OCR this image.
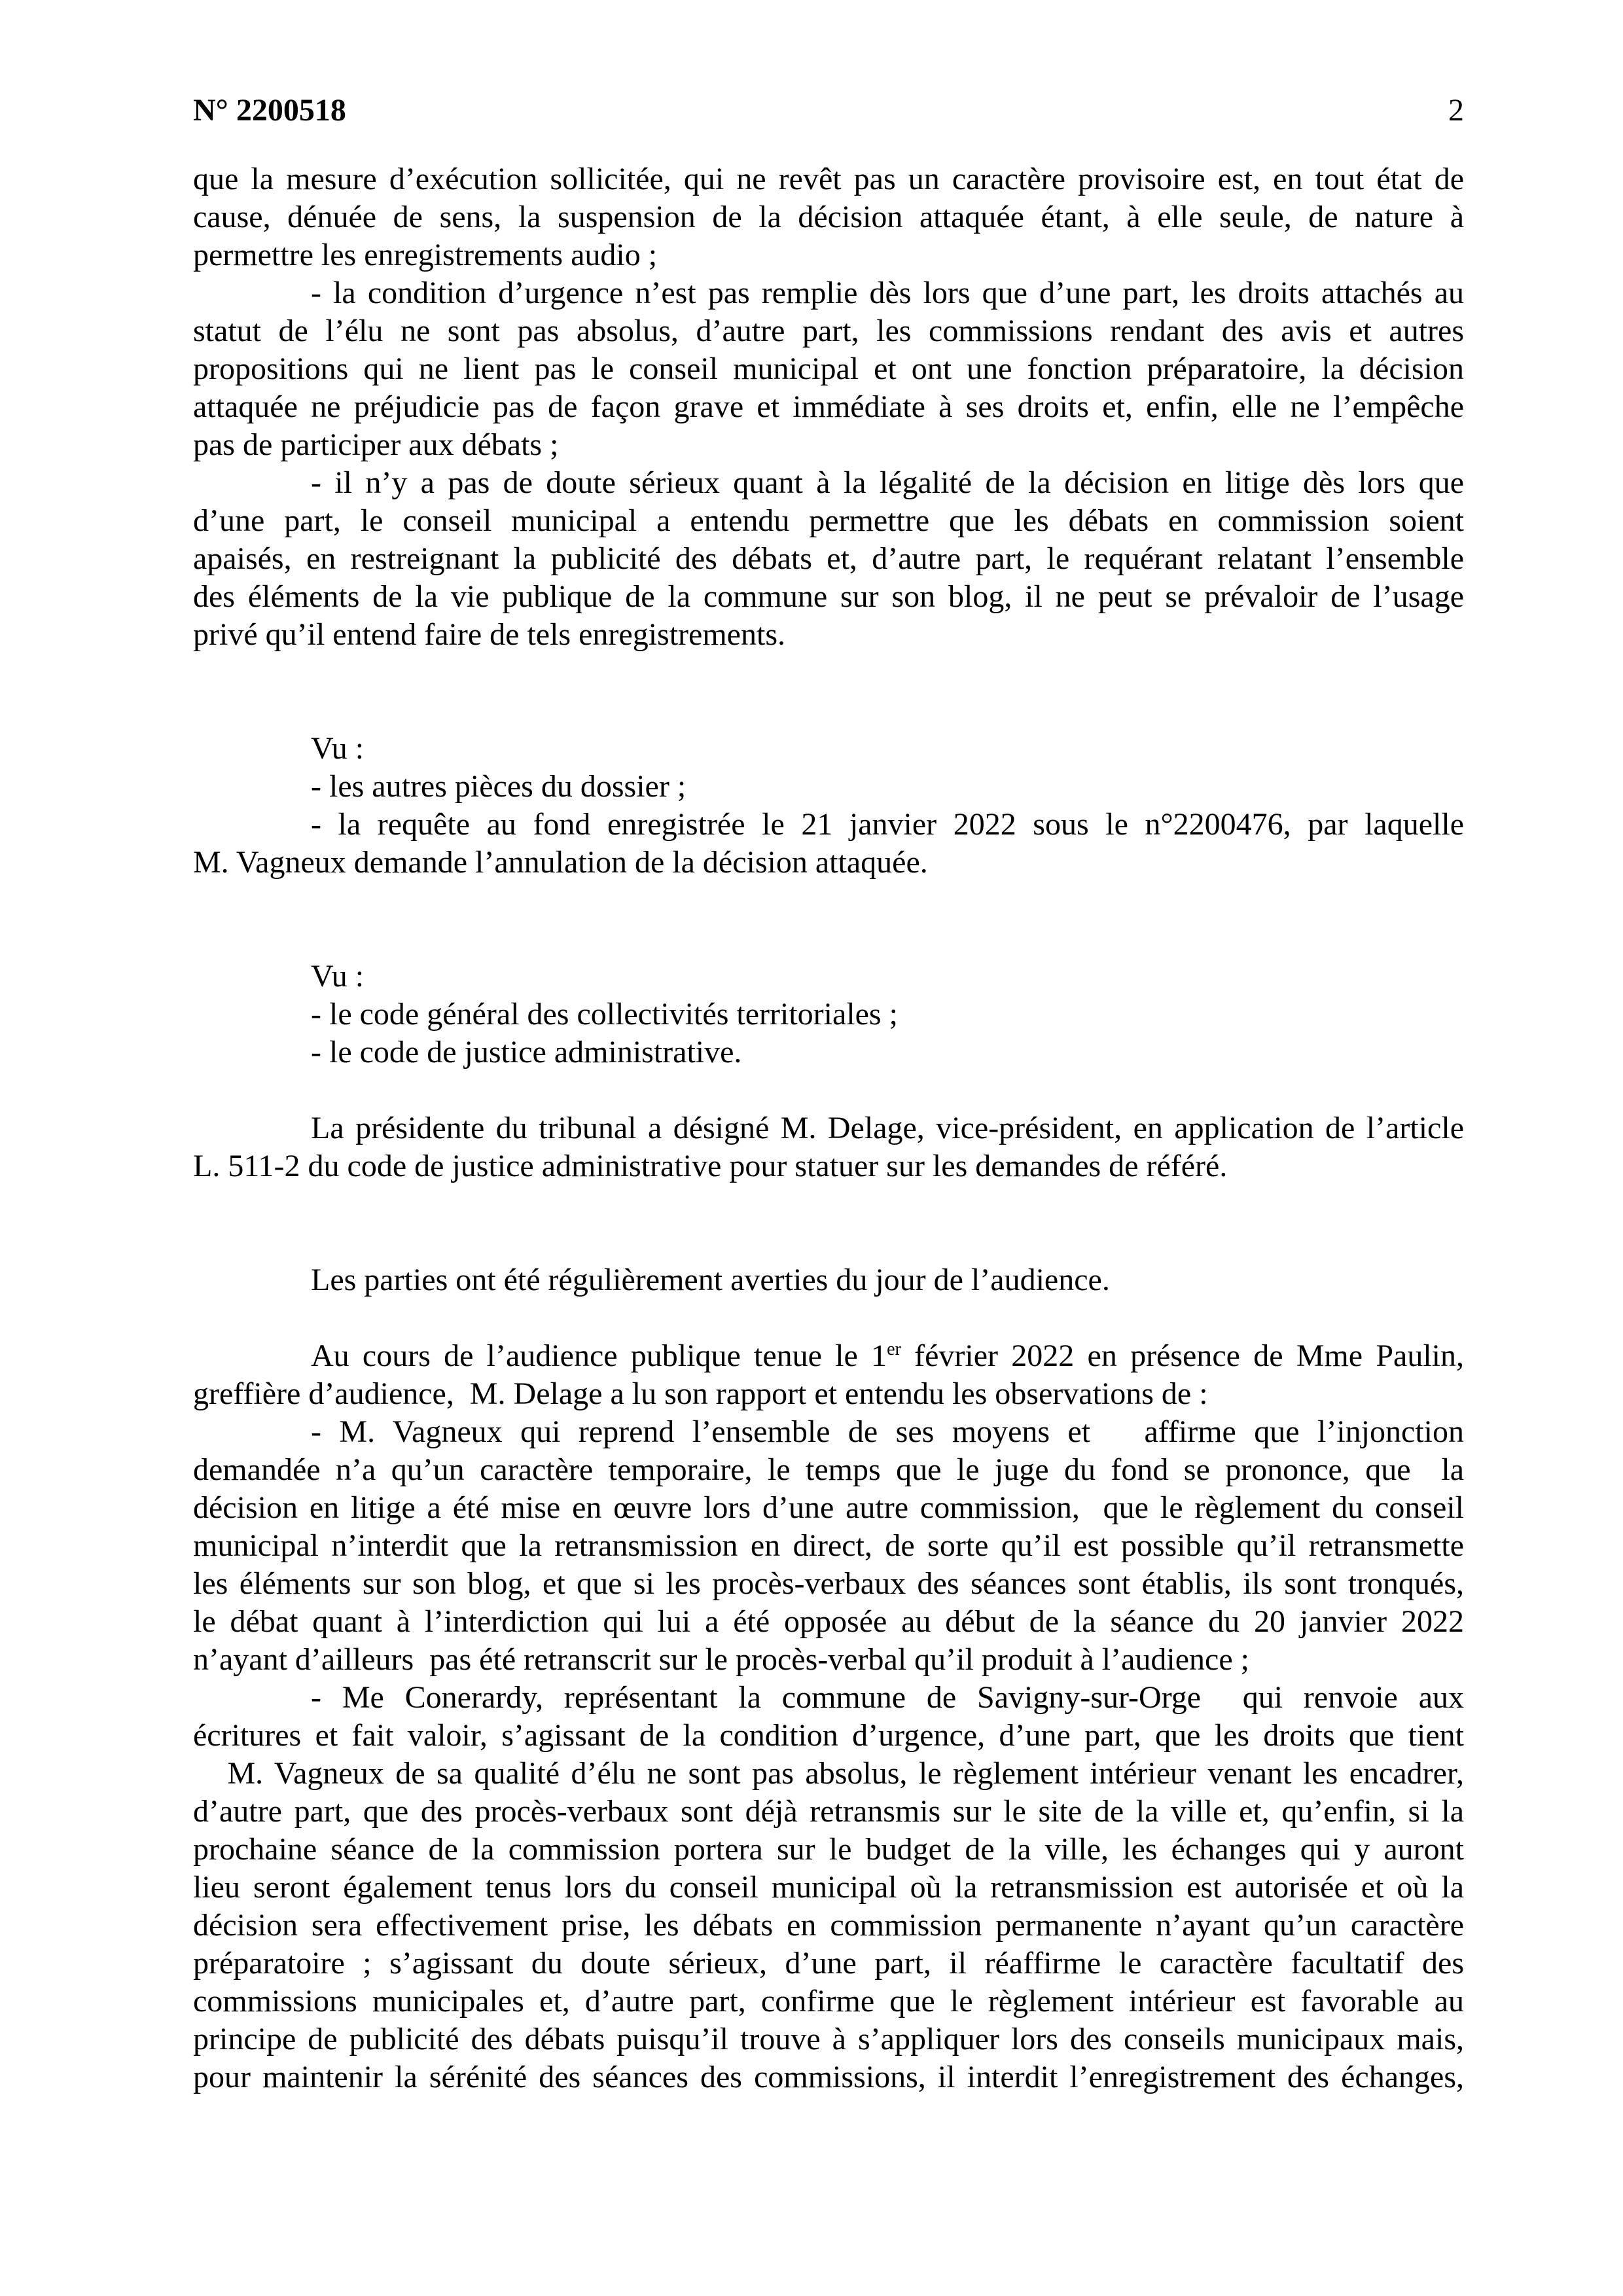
N° 2200518	2
que la mesure d’exécution sollicitée, qui ne revêt pas un caractère provisoire est, en tout état de
cause, dénuée de sens, la suspension de la décision attaquée étant, à elle seule, de nature à
permettre les enregistrements audio ;
- la condition d’urgence n’est pas remplie dès lors que d’une part, les droits attachés au
statut de l’élu ne sont pas absolus, d’autre part, les commissions rendant des avis et autres
propositions qui ne lient pas le conseil municipal et ont une fonction préparatoire, la décision
attaquée ne préjudicie pas de façon grave et immédiate à ses droits et, enfin, elle ne l’empêche
pas de participer aux débats ;
- il n’y a pas de doute sérieux quant à la légalité de la décision en litige dès lors que
d’une part, le conseil municipal a entendu permettre que les débats en commission soient
apaisés, en restreignant la publicité des débats et, d’autre part, le requérant relatant l’ensemble
des éléments de la vie publique de la commune sur son blog, il ne peut se prévaloir de l’usage
privé qu’il entend faire de tels enregistrements.
Vu :
- les autres pièces du dossier ;
- la requête au fond enregistrée le 21 janvier 2022 sous le n°2200476, par laquelle
M. Vagneux demande l’annulation de la décision attaquée.
Vu :
- le code général des collectivités territoriales ;
- le code de justice administrative.
La présidente du tribunal a désigné M. Delage, vice-président, en application de l’article
L. 511-2 du code de justice administrative pour statuer sur les demandes de référé.
Les parties ont été régulièrement averties du jour de l’audience.
Au cours de l’audience publique tenue le 1er février 2022 en présence de Mme Paulin,
greffière d’audience,  M. Delage a lu son rapport et entendu les observations de :
- M. Vagneux qui reprend l’ensemble de ses moyens et   affirme que l’injonction
demandée n’a qu’un caractère temporaire, le temps que le juge du fond se prononce, que  la
décision en litige a été mise en œuvre lors d’une autre commission,  que le règlement du conseil
municipal n’interdit que la retransmission en direct, de sorte qu’il est possible qu’il retransmette
les éléments sur son blog, et que si les procès-verbaux des séances sont établis, ils sont tronqués,
le débat quant à l’interdiction qui lui a été opposée au début de la séance du 20 janvier 2022
n’ayant d’ailleurs  pas été retranscrit sur le procès-verbal qu’il produit à l’audience ;
- Me Conerardy, représentant la commune de Savigny-sur-Orge  qui renvoie aux
écritures et fait valoir, s’agissant de la condition d’urgence, d’une part, que les droits que tient
M. Vagneux de sa qualité d’élu ne sont pas absolus, le règlement intérieur venant les encadrer,
d’autre part, que des procès-verbaux sont déjà retransmis sur le site de la ville et, qu’enfin, si la
prochaine séance de la commission portera sur le budget de la ville, les échanges qui y auront
lieu seront également tenus lors du conseil municipal où la retransmission est autorisée et où la
décision sera effectivement prise, les débats en commission permanente n’ayant qu’un caractère
préparatoire ; s’agissant du doute sérieux, d’une part, il réaffirme le caractère facultatif des
commissions municipales et, d’autre part, confirme que le règlement intérieur est favorable au
principe de publicité des débats puisqu’il trouve à s’appliquer lors des conseils municipaux mais,
pour maintenir la sérénité des séances des commissions, il interdit l’enregistrement des échanges,
